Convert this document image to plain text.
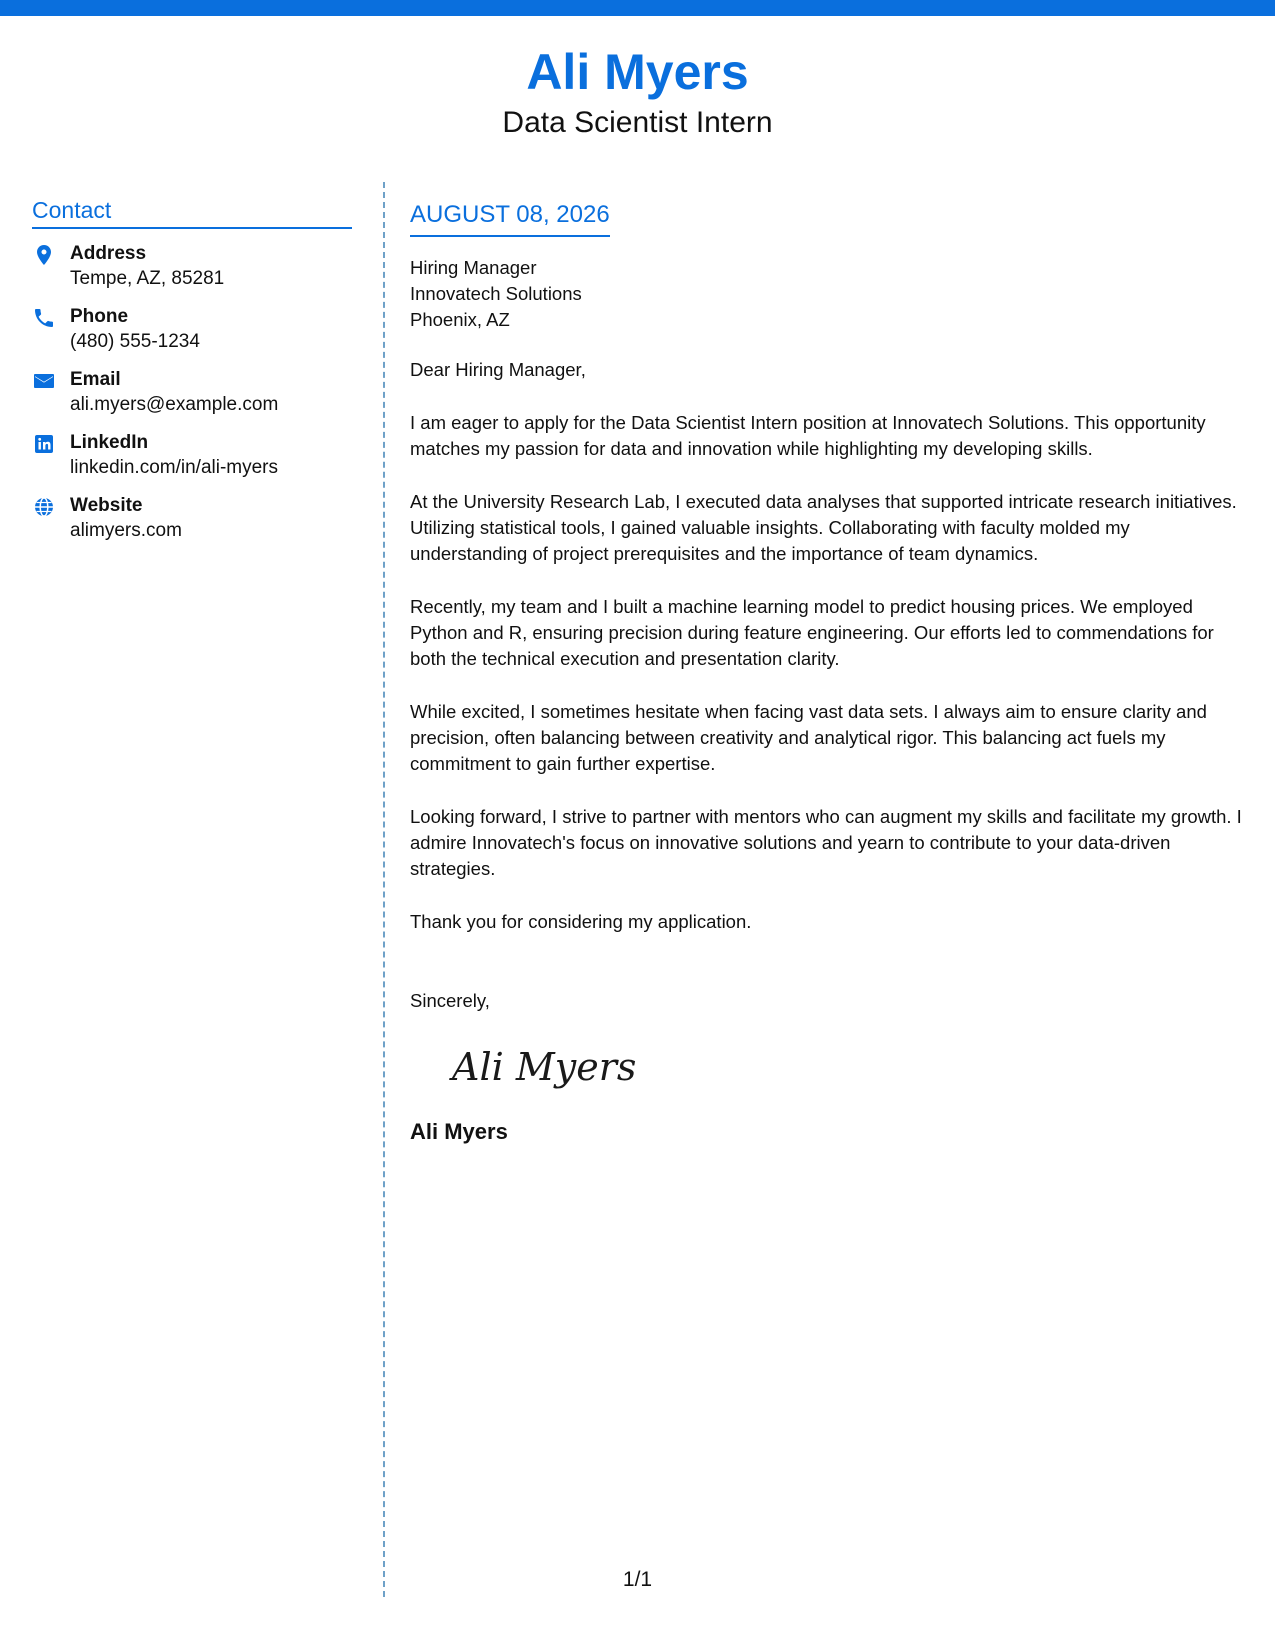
Ali Myers
Data Scientist Intern
Contact
Address
Tempe, AZ, 85281
Phone
(480) 555-1234
Email
ali.myers@example.com
LinkedIn
linkedin.com/in/ali-myers
Website
alimyers.com
AUGUST 08, 2026
Hiring Manager
Innovatech Solutions
Phoenix, AZ
Dear Hiring Manager,
I am eager to apply for the Data Scientist Intern position at Innovatech Solutions. This opportunity matches my passion for data and innovation while highlighting my developing skills.
At the University Research Lab, I executed data analyses that supported intricate research initiatives. Utilizing statistical tools, I gained valuable insights. Collaborating with faculty molded my understanding of project prerequisites and the importance of team dynamics.
Recently, my team and I built a machine learning model to predict housing prices. We employed Python and R, ensuring precision during feature engineering. Our efforts led to commendations for both the technical execution and presentation clarity.
While excited, I sometimes hesitate when facing vast data sets. I always aim to ensure clarity and precision, often balancing between creativity and analytical rigor. This balancing act fuels my commitment to gain further expertise.
Looking forward, I strive to partner with mentors who can augment my skills and facilitate my growth. I admire Innovatech's focus on innovative solutions and yearn to contribute to your data-driven strategies.
Thank you for considering my application.
Sincerely,
Ali Myers
Ali Myers
1/1
